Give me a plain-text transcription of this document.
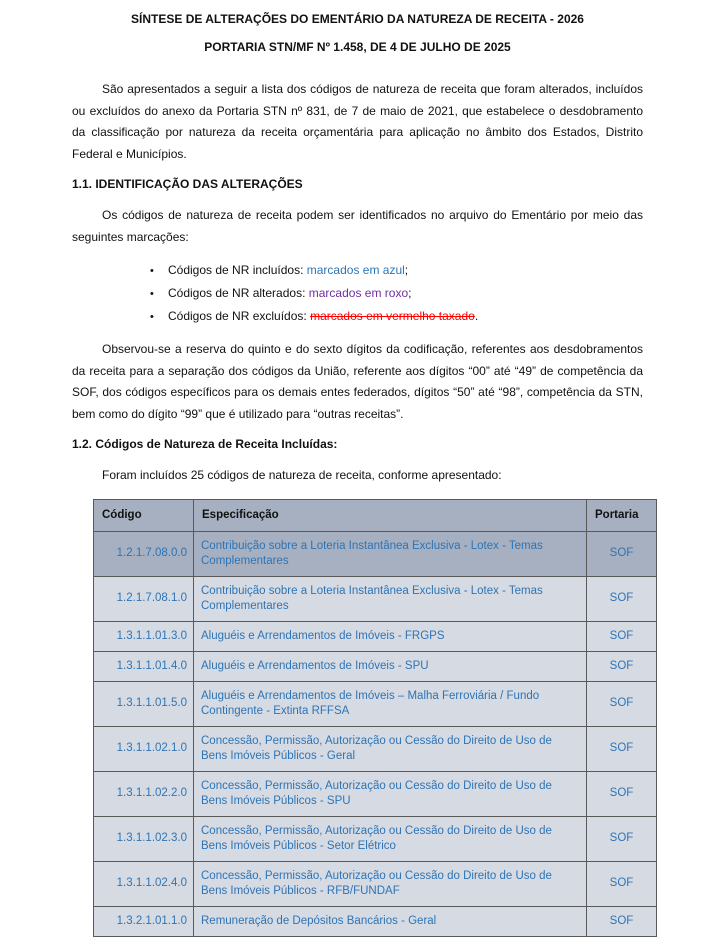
SÍNTESE DE ALTERAÇÕES DO EMENTÁRIO DA NATUREZA DE RECEITA - 2026
PORTARIA STN/MF Nº 1.458, DE 4 DE JULHO DE 2025

São apresentados a seguir a lista dos códigos de natureza de receita que foram alterados, incluídos ou excluídos do anexo da Portaria STN nº 831, de 7 de maio de 2021, que estabelece o desdobramento da classificação por natureza da receita orçamentária para aplicação no âmbito dos Estados, Distrito Federal e Municípios.

1.1. IDENTIFICAÇÃO DAS ALTERAÇÕES

Os códigos de natureza de receita podem ser identificados no arquivo do Ementário por meio das seguintes marcações:

• Códigos de NR incluídos: marcados em azul;
• Códigos de NR alterados: marcados em roxo;
• Códigos de NR excluídos: marcados em vermelho taxado.

Observou-se a reserva do quinto e do sexto dígitos da codificação, referentes aos desdobramentos da receita para a separação dos códigos da União, referente aos dígitos “00” até “49” de competência da SOF, dos códigos específicos para os demais entes federados, dígitos “50” até “98”, competência da STN, bem como do dígito “99” que é utilizado para “outras receitas”.

1.2. Códigos de Natureza de Receita Incluídas:

Foram incluídos 25 códigos de natureza de receita, conforme apresentado:

Código	Especificação	Portaria
1.2.1.7.08.0.0	Contribuição sobre a Loteria Instantânea Exclusiva - Lotex - Temas Complementares	SOF
1.2.1.7.08.1.0	Contribuição sobre a Loteria Instantânea Exclusiva - Lotex - Temas Complementares	SOF
1.3.1.1.01.3.0	Aluguéis e Arrendamentos de Imóveis - FRGPS	SOF
1.3.1.1.01.4.0	Aluguéis e Arrendamentos de Imóveis - SPU	SOF
1.3.1.1.01.5.0	Aluguéis e Arrendamentos de Imóveis – Malha Ferroviária / Fundo Contingente - Extinta RFFSA	SOF
1.3.1.1.02.1.0	Concessão, Permissão, Autorização ou Cessão do Direito de Uso de Bens Imóveis Públicos - Geral	SOF
1.3.1.1.02.2.0	Concessão, Permissão, Autorização ou Cessão do Direito de Uso de Bens Imóveis Públicos - SPU	SOF
1.3.1.1.02.3.0	Concessão, Permissão, Autorização ou Cessão do Direito de Uso de Bens Imóveis Públicos - Setor Elétrico	SOF
1.3.1.1.02.4.0	Concessão, Permissão, Autorização ou Cessão do Direito de Uso de Bens Imóveis Públicos - RFB/FUNDAF	SOF
1.3.2.1.01.1.0	Remuneração de Depósitos Bancários - Geral	SOF
